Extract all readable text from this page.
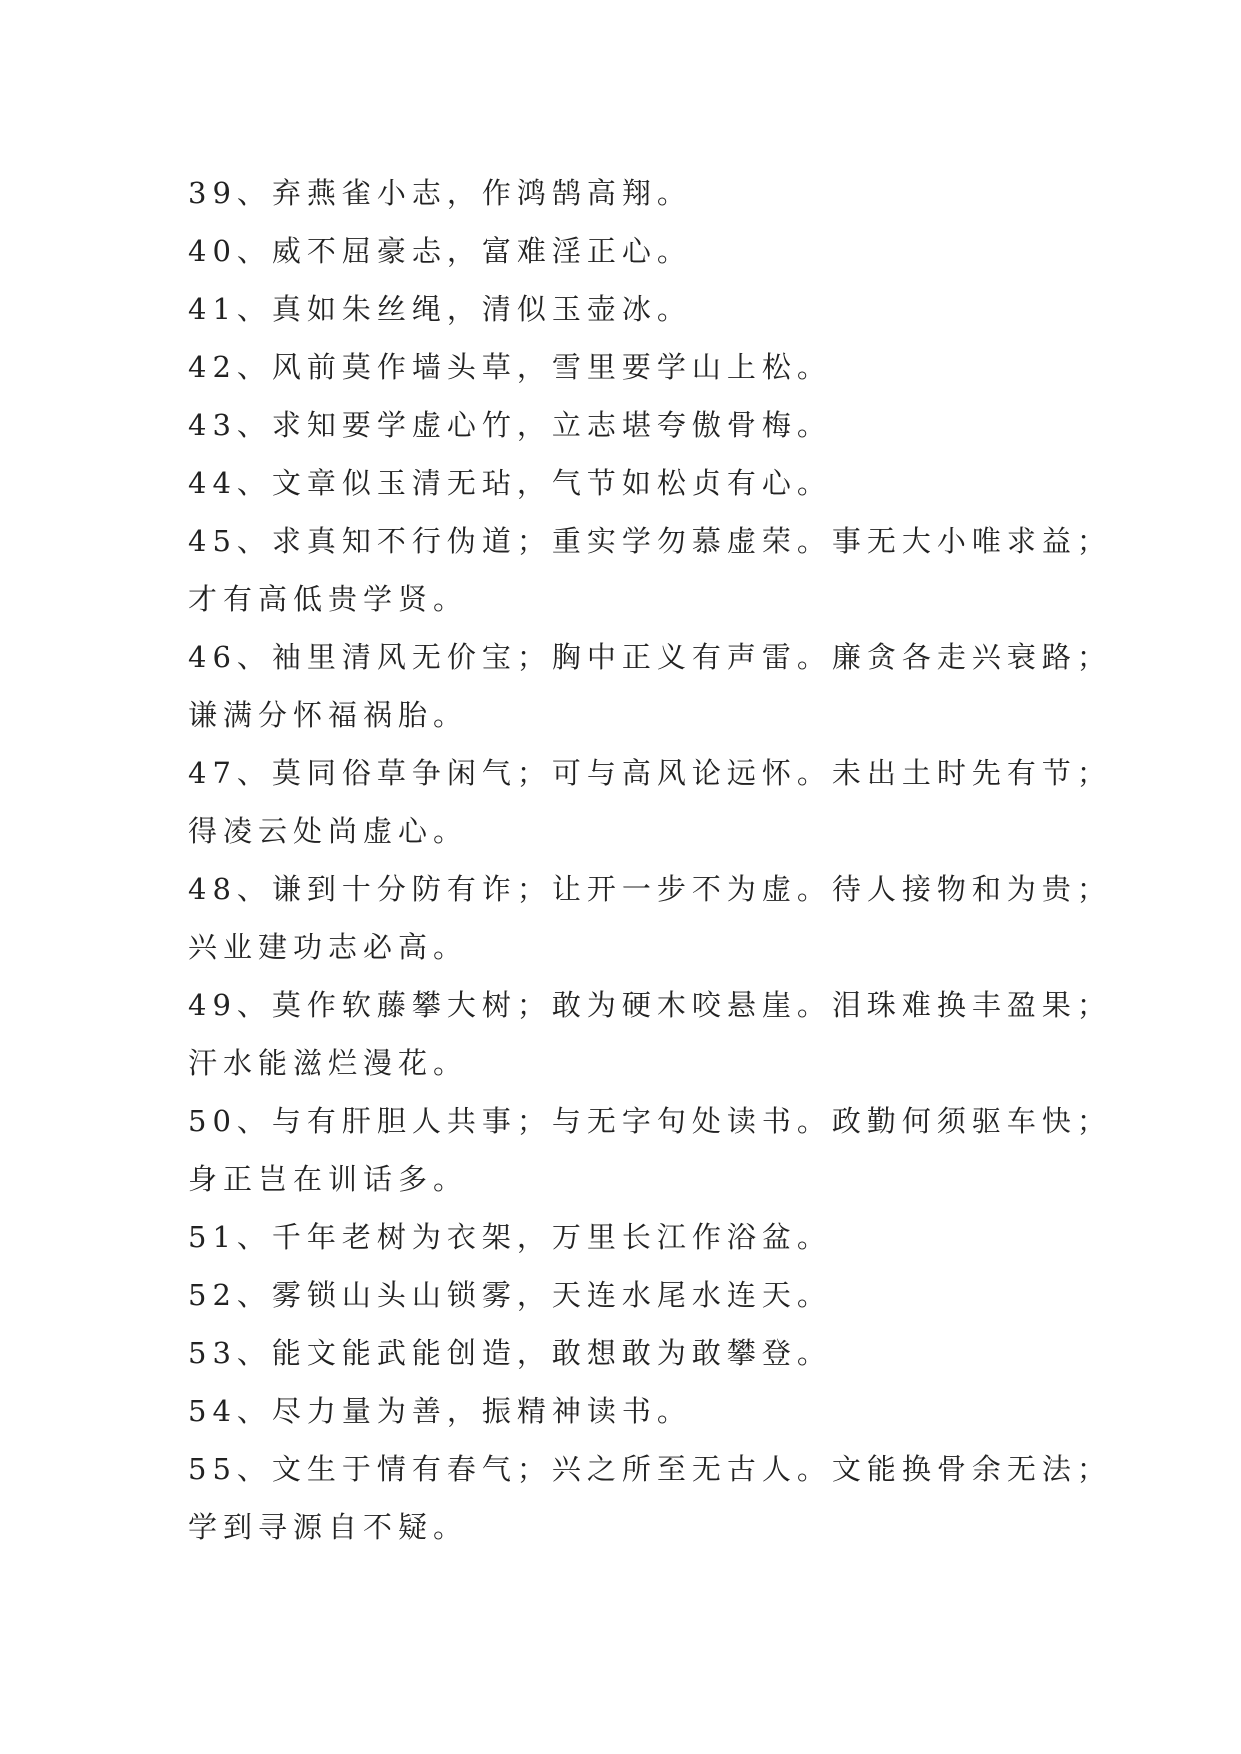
39、弃燕雀小志，作鸿鹄高翔。

40、威不屈豪忐，富难淫正心。

41、真如朱丝绳，清似玉壶冰。

42、风前莫作墙头草，雪里要学山上松。

43、求知要学虚心竹，立志堪夸傲骨梅。

44、文章似玉清无玷，气节如松贞有心。

45、求真知不行伪道；重实学勿慕虚荣。事无大小唯求益；
才有高低贵学贤。

46、袖里清风无价宝；胸中正义有声雷。廉贪各走兴衰路；
谦满分怀福祸胎。

47、莫同俗草争闲气；可与高风论远怀。未出土时先有节；
得凌云处尚虚心。

48、谦到十分防有诈；让开一步不为虚。待人接物和为贵；
兴业建功志必高。

49、莫作软藤攀大树；敢为硬木咬悬崖。泪珠难换丰盈果；
汗水能滋烂漫花。

50、与有肝胆人共事；与无字句处读书。政勤何须驱车快；
身正岂在训话多。

51、千年老树为衣架，万里长江作浴盆。

52、雾锁山头山锁雾，天连水尾水连天。

53、能文能武能创造，敢想敢为敢攀登。

54、尽力量为善，振精神读书。

55、文生于情有春气；兴之所至无古人。文能换骨余无法；
学到寻源自不疑。
